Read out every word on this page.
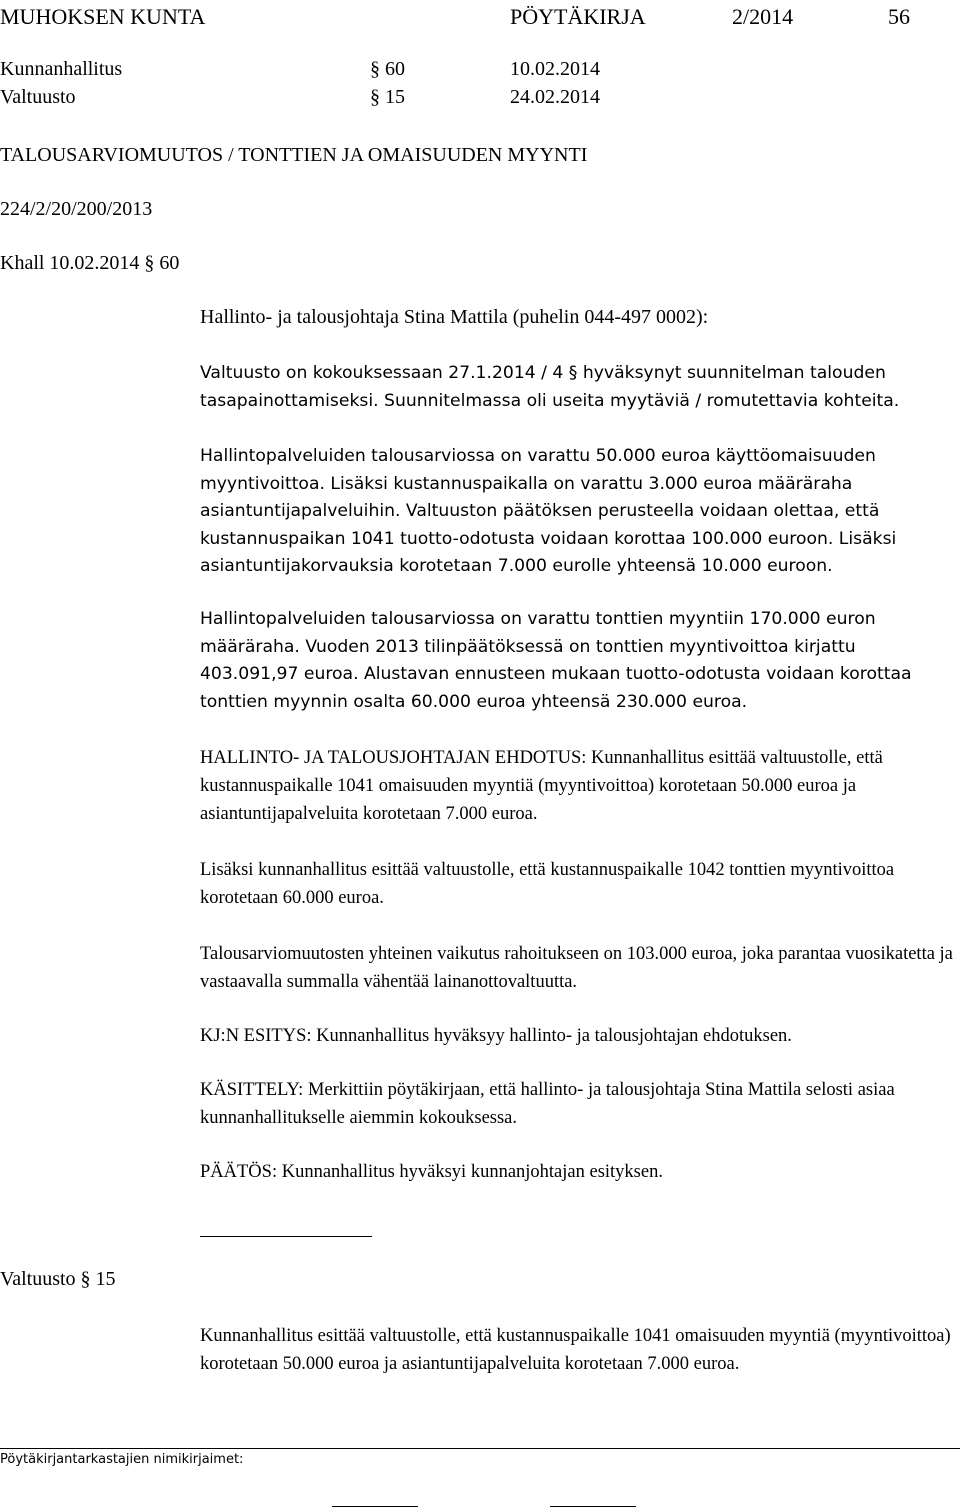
MUHOKSEN KUNTA	PÖYTÄKIRJA	2/2014	56
Kunnanhallitus	§ 60	10.02.2014
Valtuusto	§ 15	24.02.2014
TALOUSARVIOMUUTOS / TONTTIEN JA OMAISUUDEN MYYNTI
224/2/20/200/2013
Khall 10.02.2014 § 60
Hallinto- ja talousjohtaja Stina Mattila (puhelin 044-497 0002):

Valtuusto on kokouksessaan 27.1.2014 / 4 § hyväksynyt suunnitelman talouden tasapainottamiseksi. Suunnitelmassa oli useita myytäviä / romutettavia kohteita.

Hallintopalveluiden talousarviossa on varattu 50.000 euroa käyttöomaisuuden myyntivoittoa. Lisäksi kustannuspaikalla on varattu 3.000 euroa määräraha asiantuntijapalveluihin. Valtuuston päätöksen perusteella voidaan olettaa, että kustannuspaikan 1041 tuotto-odotusta voidaan korottaa 100.000 euroon. Lisäksi asiantuntijakorvauksia korotetaan 7.000 eurolle yhteensä 10.000 euroon.

Hallintopalveluiden talousarviossa on varattu tonttien myyntiin 170.000 euron määräraha. Vuoden 2013 tilinpäätöksessä on tonttien myyntivoittoa kirjattu 403.091,97 euroa. Alustavan ennusteen mukaan tuotto-odotusta voidaan korottaa tonttien myynnin osalta 60.000 euroa yhteensä 230.000 euroa.

HALLINTO- JA TALOUSJOHTAJAN EHDOTUS: Kunnanhallitus esittää valtuustolle, että kustannuspaikalle 1041 omaisuuden myyntiä (myyntivoittoa) korotetaan 50.000 euroa ja asiantuntijapalveluita korotetaan 7.000 euroa.

Lisäksi kunnanhallitus esittää valtuustolle, että kustannuspaikalle 1042 tonttien myyntivoittoa korotetaan 60.000 euroa.

Talousarviomuutosten yhteinen vaikutus rahoitukseen on 103.000 euroa, joka parantaa vuosikatetta ja vastaavalla summalla vähentää lainanottovaltuutta.

KJ:N ESITYS: Kunnanhallitus hyväksyy hallinto- ja talousjohtajan ehdotuksen.

KÄSITTELY: Merkittiin pöytäkirjaan, että hallinto- ja talousjohtaja Stina Mattila selosti asiaa kunnanhallitukselle aiemmin kokouksessa.

PÄÄTÖS: Kunnanhallitus hyväksyi kunnanjohtajan esityksen.

Valtuusto § 15

Kunnanhallitus esittää valtuustolle, että kustannuspaikalle 1041 omaisuuden myyntiä (myyntivoittoa) korotetaan 50.000 euroa ja asiantuntijapalveluita korotetaan 7.000 euroa.

Pöytäkirjantarkastajien nimikirjaimet:
